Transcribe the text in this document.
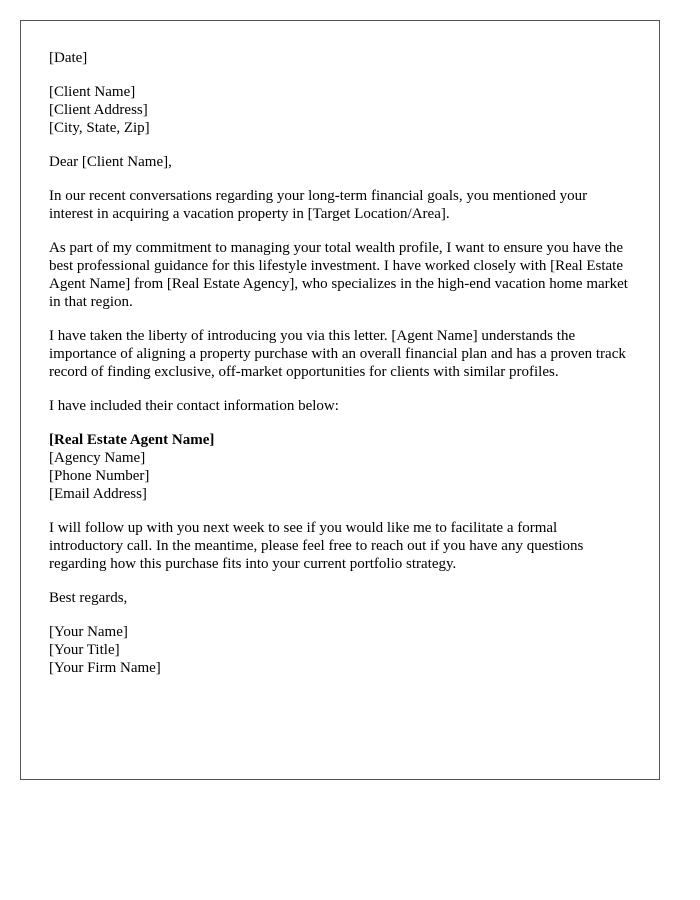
[Date]
[Client Name]
[Client Address]
[City, State, Zip]

Dear [Client Name],

In our recent conversations regarding your long-term financial goals, you mentioned your interest in acquiring a vacation property in [Target Location/Area].

As part of my commitment to managing your total wealth profile, I want to ensure you have the best professional guidance for this lifestyle investment. I have worked closely with [Real Estate Agent Name] from [Real Estate Agency], who specializes in the high-end vacation home market in that region.

I have taken the liberty of introducing you via this letter. [Agent Name] understands the importance of aligning a property purchase with an overall financial plan and has a proven track record of finding exclusive, off-market opportunities for clients with similar profiles.

I have included their contact information below:

[Real Estate Agent Name]
[Agency Name]
[Phone Number]
[Email Address]

I will follow up with you next week to see if you would like me to facilitate a formal introductory call. In the meantime, please feel free to reach out if you have any questions regarding how this purchase fits into your current portfolio strategy.

Best regards,

[Your Name]
[Your Title]
[Your Firm Name]
